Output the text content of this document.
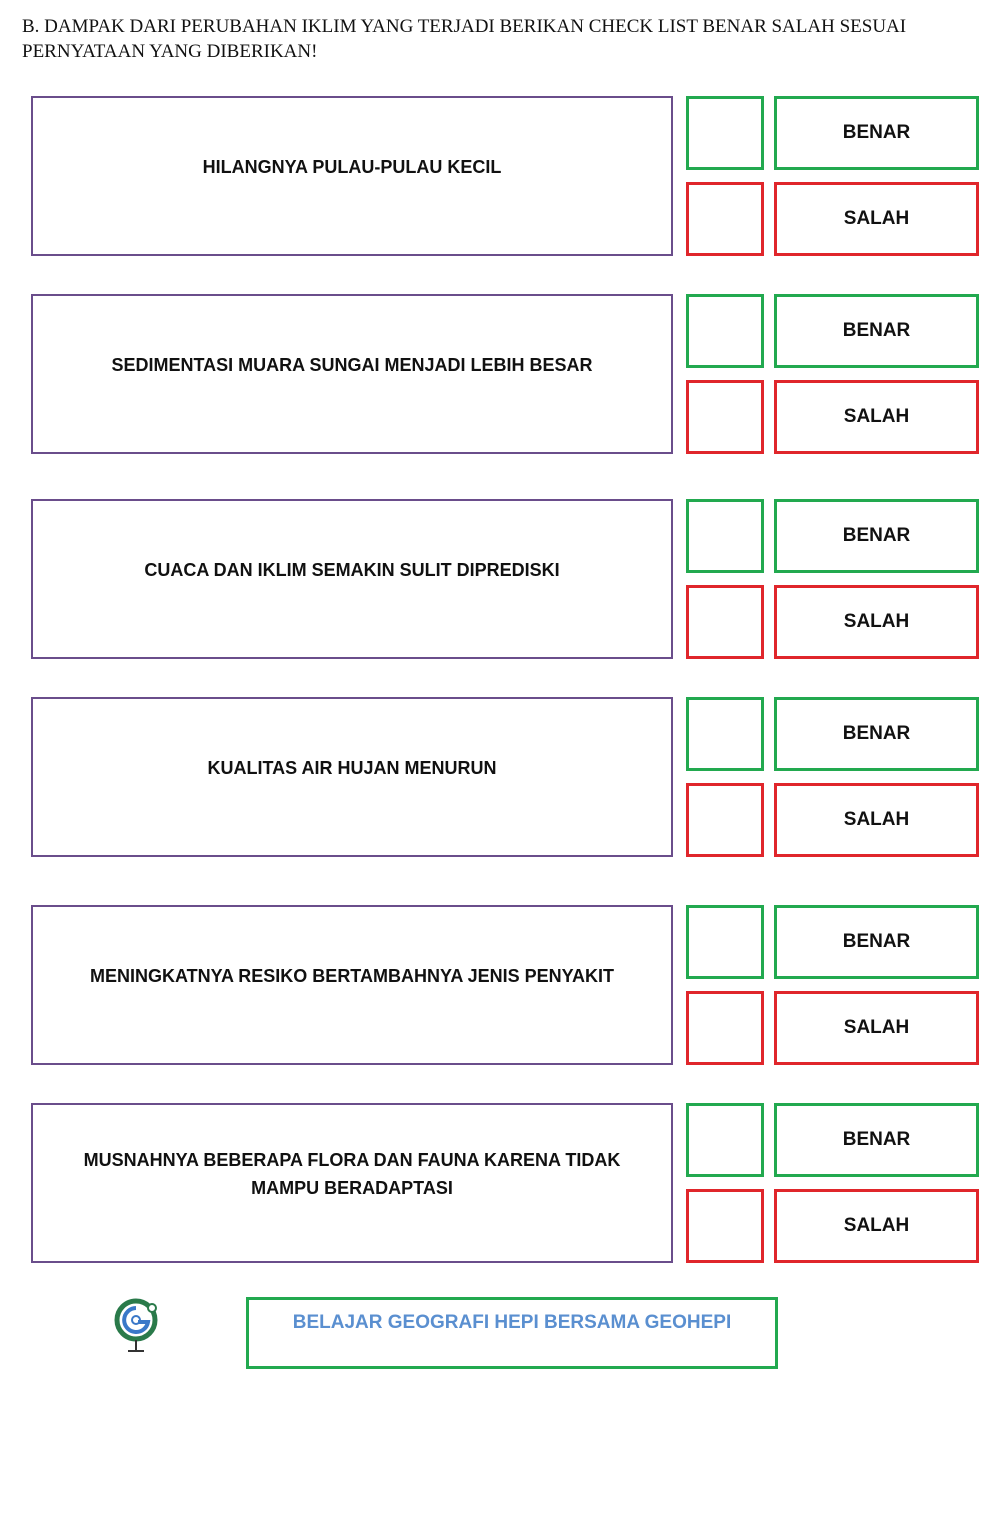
B. DAMPAK DARI PERUBAHAN IKLIM YANG TERJADI BERIKAN CHECK LIST BENAR SALAH SESUAI PERNYATAAN YANG DIBERIKAN!

HILANGNYA PULAU-PULAU KECIL
BENAR
SALAH
SEDIMENTASI MUARA SUNGAI MENJADI LEBIH BESAR
BENAR
SALAH
CUACA DAN IKLIM SEMAKIN SULIT DIPREDISKI
BENAR
SALAH
KUALITAS AIR HUJAN MENURUN
BENAR
SALAH
MENINGKATNYA RESIKO BERTAMBAHNYA JENIS PENYAKIT
BENAR
SALAH
MUSNAHNYA BEBERAPA FLORA DAN FAUNA KARENA TIDAK MAMPU BERADAPTASI
BENAR
SALAH
BELAJAR GEOGRAFI HEPI BERSAMA GEOHEPI
